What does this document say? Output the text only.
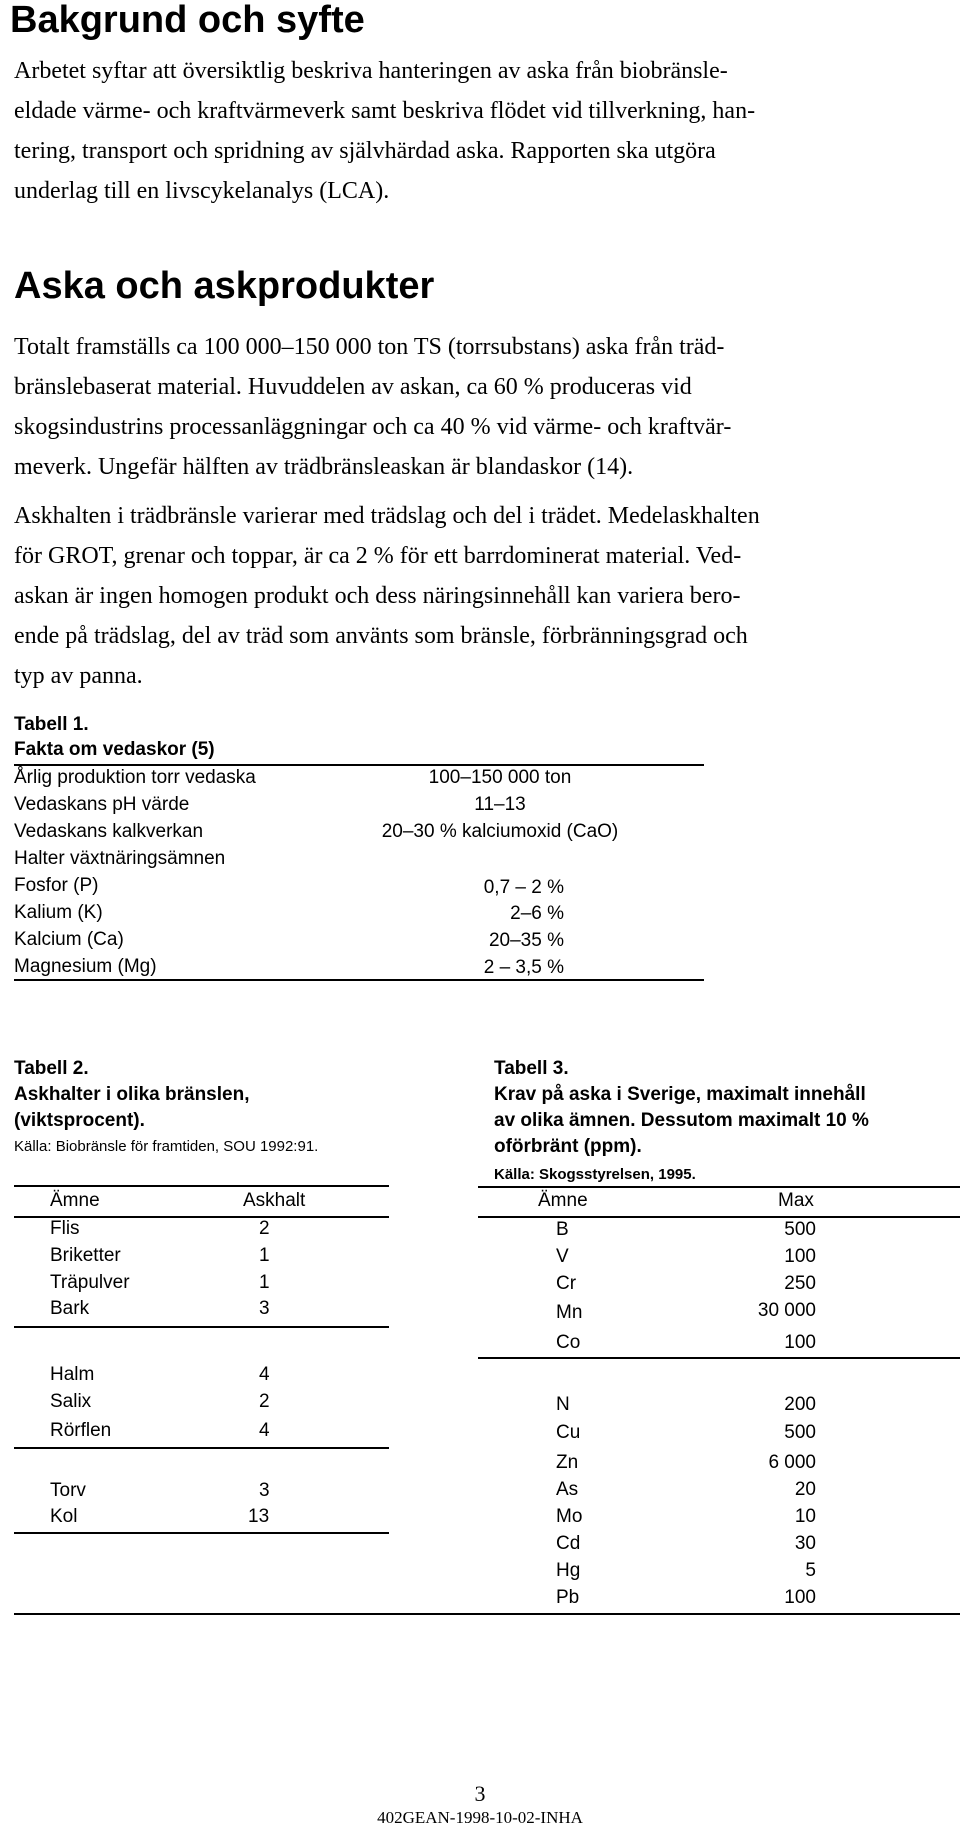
Bakgrund och syfte
Arbetet syftar att översiktlig beskriva hanteringen av aska från biobränsle-
eldade värme- och kraftvärmeverk samt beskriva flödet vid tillverkning, han-
tering, transport och spridning av självhärdad aska. Rapporten ska utgöra
underlag till en livscykelanalys (LCA).
Aska och askprodukter
Totalt framställs ca 100 000–150 000 ton TS (torrsubstans) aska från träd-
bränslebaserat material. Huvuddelen av askan, ca 60 % produceras vid
skogsindustrins processanläggningar och ca 40 % vid värme- och kraftvär-
meverk. Ungefär hälften av trädbränsleaskan är blandaskor (14).
Askhalten i trädbränsle varierar med trädslag och del i trädet. Medelaskhalten
för GROT, grenar och toppar, är ca 2 % för ett barrdominerat material. Ved-
askan är ingen homogen produkt och dess näringsinnehåll kan variera bero-
ende på trädslag, del av träd som använts som bränsle, förbränningsgrad och
typ av panna.
Tabell 1.
Fakta om vedaskor (5)
Årlig produktion torr vedaska	100–150 000 ton
Vedaskans pH värde	11–13
Vedaskans kalkverkan	20–30 % kalciumoxid (CaO)
Halter växtnäringsämnen
Fosfor (P)	0,7 – 2 %
Kalium (K)	2–6 %
Kalcium (Ca)	20–35 %
Magnesium (Mg)	2 – 3,5 %
Tabell 2.
Askhalter i olika bränslen,
(viktsprocent).
Källa: Biobränsle för framtiden, SOU 1992:91.
Ämne	Askhalt
Flis	2
Briketter	1
Träpulver	1
Bark	3
Halm	4
Salix	2
Rörflen	4
Torv	3
Kol	13
Tabell 3.
Krav på aska i Sverige, maximalt innehåll
av olika ämnen. Dessutom maximalt 10 %
oförbränt (ppm).
Källa: Skogsstyrelsen, 1995.
Ämne	Max
B	500
V	100
Cr	250
Mn	30 000
Co	100
N	200
Cu	500
Zn	6 000
As	20
Mo	10
Cd	30
Hg	5
Pb	100
3
402GEAN-1998-10-02-INHA
